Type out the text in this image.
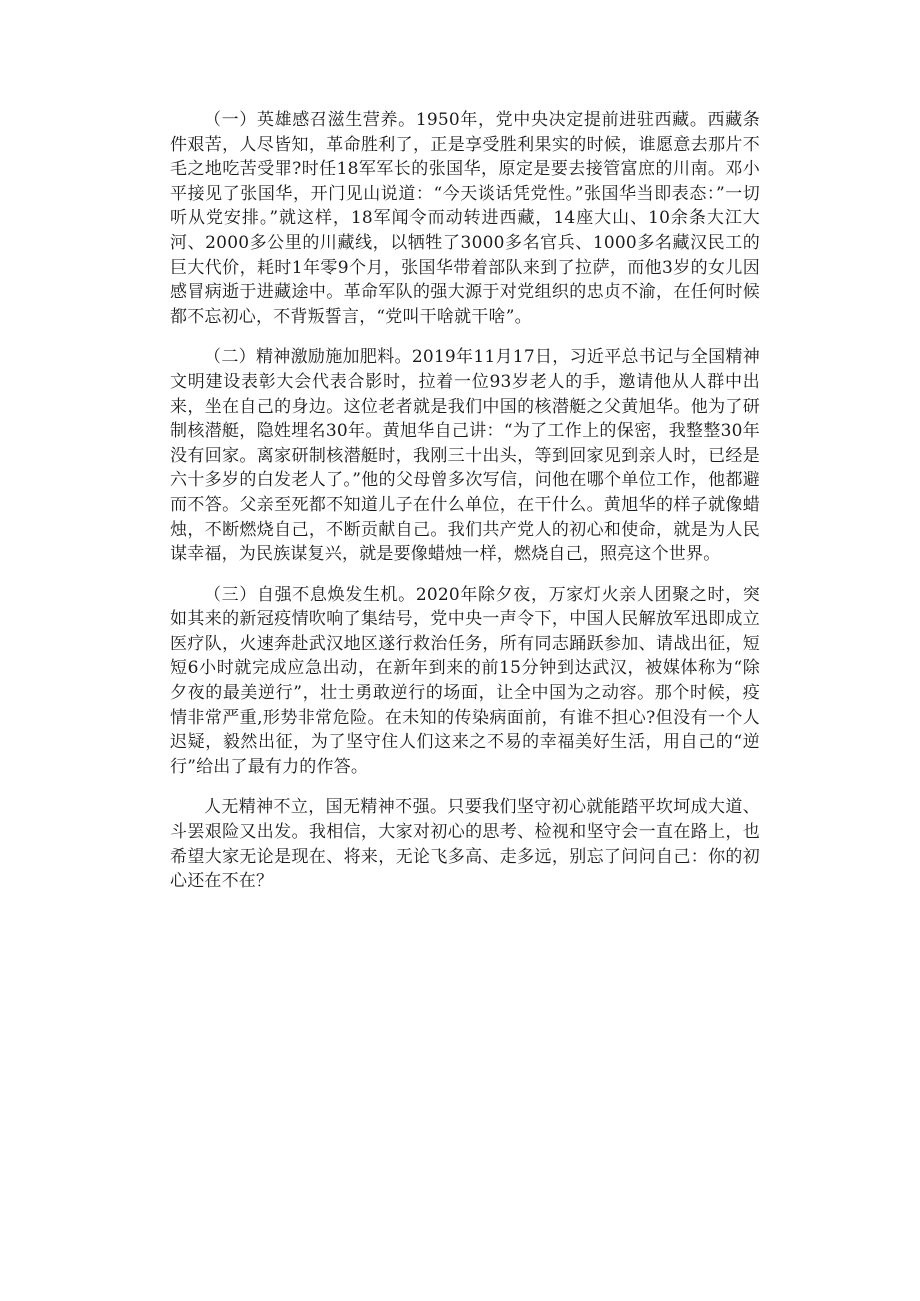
（一）英雄感召滋生营养。1950年，党中央决定提前进驻西藏。西藏条件艰苦，人尽皆知，革命胜利了，正是享受胜利果实的时候，谁愿意去那片不毛之地吃苦受罪?时任18军军长的张国华，原定是要去接管富庶的川南。邓小平接见了张国华，开门见山说道：“今天谈话凭党性。”张国华当即表态：”一切听从党安排。”就这样，18军闻令而动转进西藏，14座大山、10余条大江大河、2000多公里的川藏线，以牺牲了3000多名官兵、1000多名藏汉民工的巨大代价，耗时1年零9个月，张国华带着部队来到了拉萨，而他3岁的女儿因感冒病逝于进藏途中。革命军队的强大源于对党组织的忠贞不渝，在任何时候都不忘初心，不背叛誓言，“党叫干啥就干啥”。

（二）精神激励施加肥料。2019年11月17日，习近平总书记与全国精神文明建设表彰大会代表合影时，拉着一位93岁老人的手，邀请他从人群中出来，坐在自己的身边。这位老者就是我们中国的核潜艇之父黄旭华。他为了研制核潜艇，隐姓埋名30年。黄旭华自己讲：“为了工作上的保密，我整整30年没有回家。离家研制核潜艇时，我刚三十出头，等到回家见到亲人时，已经是六十多岁的白发老人了。”他的父母曾多次写信，问他在哪个单位工作，他都避而不答。父亲至死都不知道儿子在什么单位，在干什么。黄旭华的样子就像蜡烛，不断燃烧自己，不断贡献自己。我们共产党人的初心和使命，就是为人民谋幸福，为民族谋复兴，就是要像蜡烛一样，燃烧自己，照亮这个世界。

（三）自强不息焕发生机。2020年除夕夜，万家灯火亲人团聚之时，突如其来的新冠疫情吹响了集结号，党中央一声令下，中国人民解放军迅即成立医疗队，火速奔赴武汉地区遂行救治任务，所有同志踊跃参加、请战出征，短短6小时就完成应急出动，在新年到来的前15分钟到达武汉，被媒体称为“除夕夜的最美逆行”，壮士勇敢逆行的场面，让全中国为之动容。那个时候，疫情非常严重,形势非常危险。在未知的传染病面前，有谁不担心?但没有一个人迟疑，毅然出征，为了坚守住人们这来之不易的幸福美好生活，用自己的“逆行”给出了最有力的作答。

人无精神不立，国无精神不强。只要我们坚守初心就能踏平坎坷成大道、斗罢艰险又出发。我相信，大家对初心的思考、检视和坚守会一直在路上，也希望大家无论是现在、将来，无论飞多高、走多远，别忘了问问自己：你的初心还在不在？
